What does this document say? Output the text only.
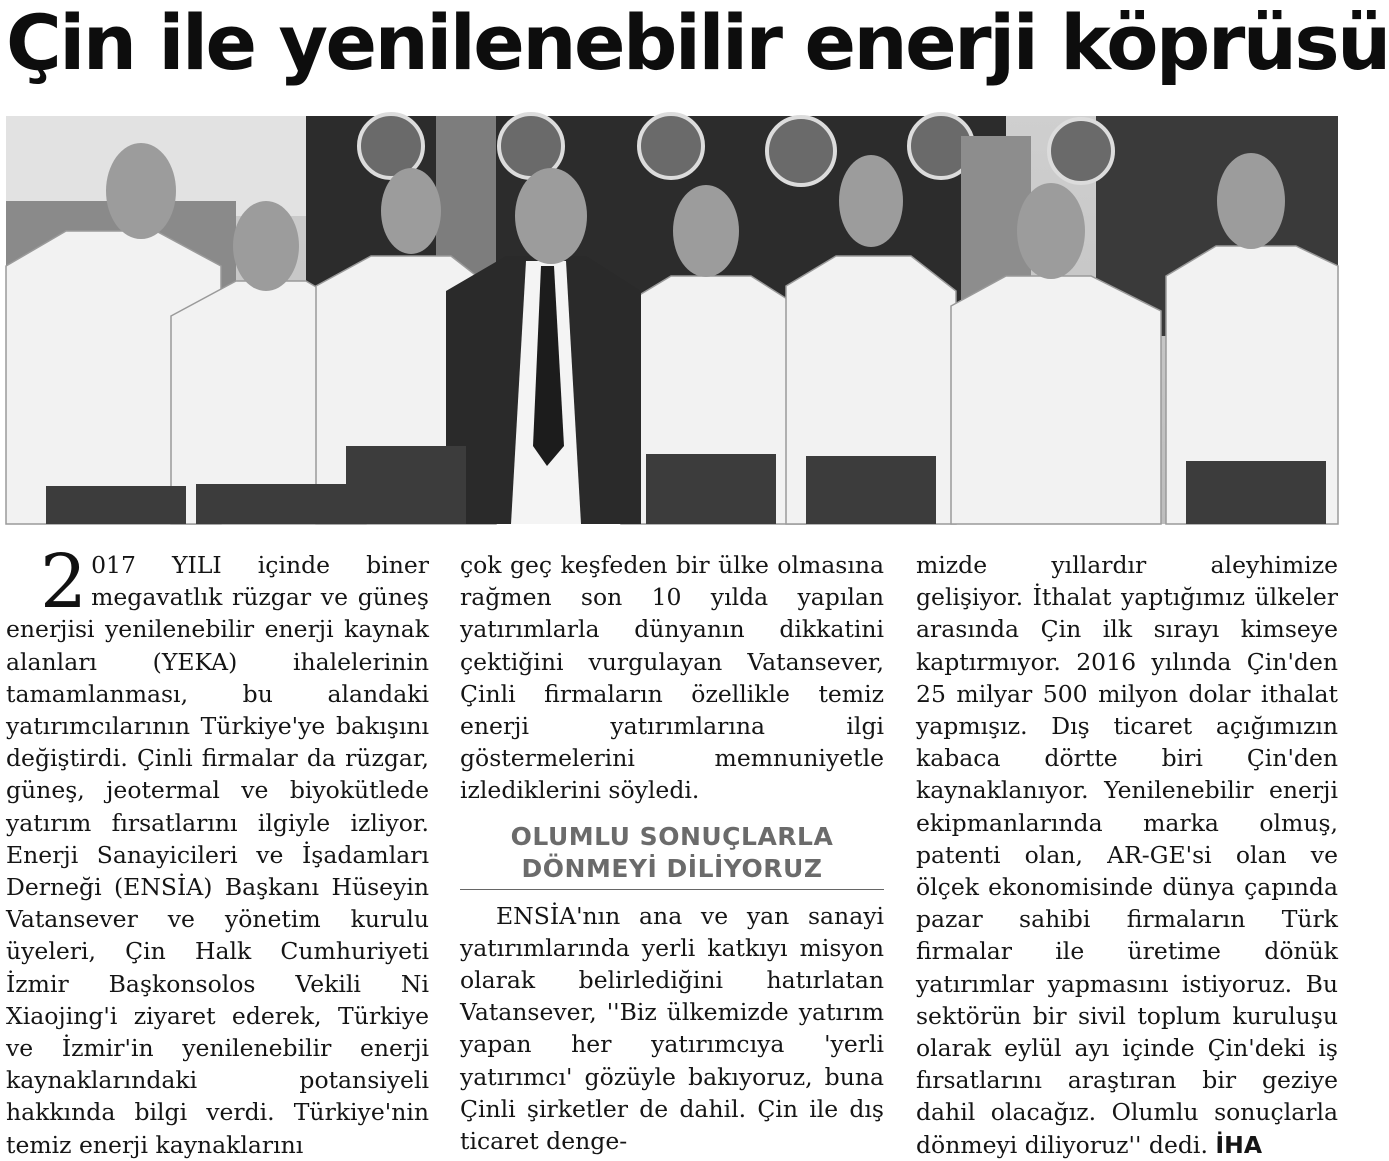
Çin ile yenilenebilir enerji köprüsü

2 017 YILI içinde biner megavatlık rüzgar ve güneş enerjisi yenilenebilir enerji kaynak alanları (YEKA) ihalelerinin tamamlanması, bu alandaki yatırımcılarının Türkiye'ye bakışını değiştirdi. Çinli firmalar da rüzgar, güneş, jeotermal ve biyokütlede yatırım fırsatlarını ilgiyle izliyor. Enerji Sanayicileri ve İşadamları Derneği (ENSİA) Başkanı Hüseyin Vatansever ve yönetim kurulu üyeleri, Çin Halk Cumhuriyeti İzmir Başkonsolos Vekili Ni Xiaojing'i ziyaret ederek, Türkiye ve İzmir'in yenilenebilir enerji kaynaklarındaki potansiyeli hakkında bilgi verdi. Türkiye'nin temiz enerji kaynaklarını

çok geç keşfeden bir ülke olmasına rağmen son 10 yılda yapılan yatırımlarla dünyanın dikkatini çektiğini vurgulayan Vatansever, Çinli firmaların özellikle temiz enerji yatırımlarına ilgi göstermelerini memnuniyetle izlediklerini söyledi.

OLUMLU SONUÇLARLA DÖNMEYİ DİLİYORUZ

ENSİA'nın ana ve yan sanayi yatırımlarında yerli katkıyı misyon olarak belirlediğini hatırlatan Vatansever, ''Biz ülkemizde yatırım yapan her yatırımcıya 'yerli yatırımcı' gözüyle bakıyoruz, buna Çinli şirketler de dahil. Çin ile dış ticaret denge-

mizde yıllardır aleyhimize gelişiyor. İthalat yaptığımız ülkeler arasında Çin ilk sırayı kimseye kaptırmıyor. 2016 yılında Çin'den 25 milyar 500 milyon dolar ithalat yapmışız. Dış ticaret açığımızın kabaca dörtte biri Çin'den kaynaklanıyor. Yenilenebilir enerji ekipmanlarında marka olmuş, patenti olan, AR-GE'si olan ve ölçek ekonomisinde dünya çapında pazar sahibi firmaların Türk firmalar ile üretime dönük yatırımlar yapmasını istiyoruz. Bu sektörün bir sivil toplum kuruluşu olarak eylül ayı içinde Çin'deki iş fırsatlarını araştıran bir geziye dahil olacağız. Olumlu sonuçlarla dönmeyi diliyoruz'' dedi. İHA
